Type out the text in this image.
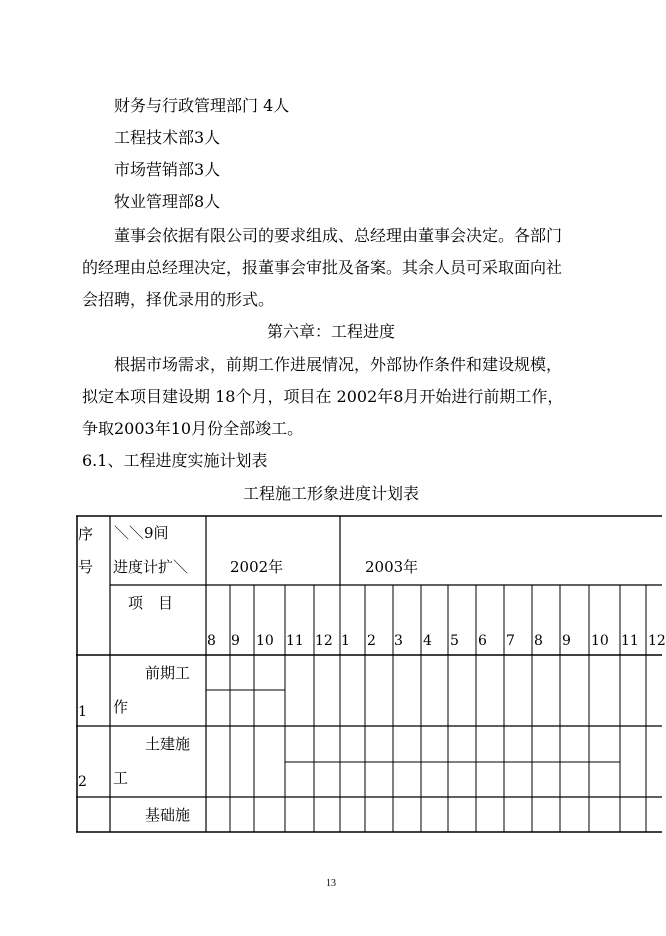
财务与行政管理部门 4人
工程技术部3人
市场营销部3人
牧业管理部8人
董事会依据有限公司的要求组成、总经理由董事会决定。各部门
的经理由总经理决定，报董事会审批及备案。其余人员可采取面向社
会招聘，择优录用的形式。
第六章：工程进度
根据市场需求，前期工作进展情况，外部协作条件和建设规模，
拟定本项目建设期 18个月，项目在 2002年8月开始进行前期工作，
争取2003年10月份全部竣工。
6.1、工程进度实施计划表
工程施工形象进度计划表
序
号
＼＼9间
进度计扩＼	2002年	2003年
项　目
8 9 10 11 12 1 2 3 4 5 6 7 8 9 10 11 12
1
前期工
作
2
土建施
工
基础施
13
